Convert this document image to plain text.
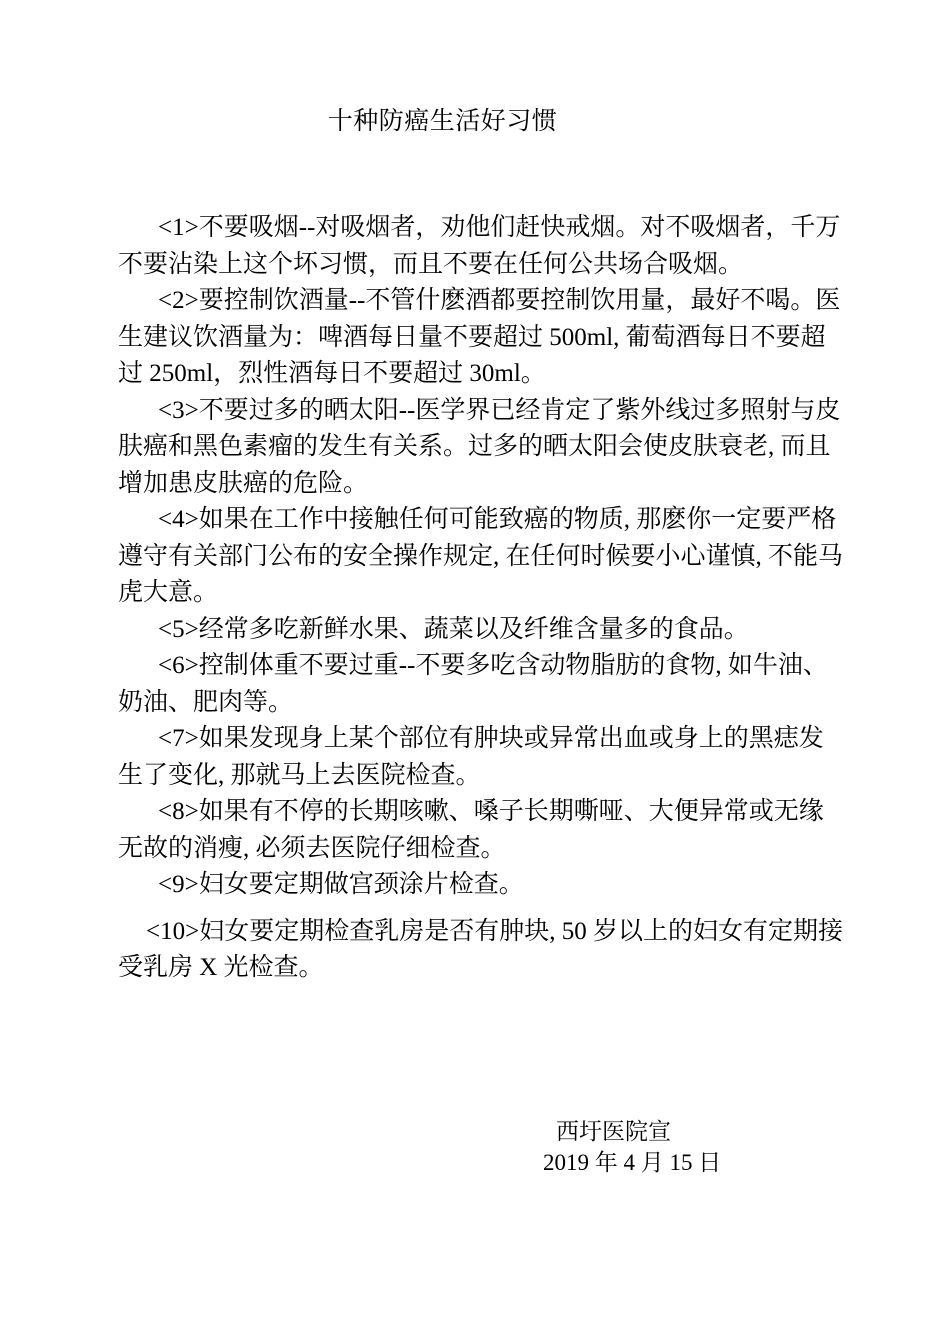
十种防癌生活好习惯

<1>不要吸烟--对吸烟者，劝他们赶快戒烟。对不吸烟者，千万不要沾染上这个坏习惯，而且不要在任何公共场合吸烟。

<2>要控制饮酒量--不管什麽酒都要控制饮用量，最好不喝。医生建议饮酒量为：啤酒每日量不要超过 500ml, 葡萄酒每日不要超过 250ml，烈性酒每日不要超过 30ml。

<3>不要过多的晒太阳--医学界已经肯定了紫外线过多照射与皮肤癌和黑色素瘤的发生有关系。过多的晒太阳会使皮肤衰老, 而且增加患皮肤癌的危险。

<4>如果在工作中接触任何可能致癌的物质, 那麽你一定要严格遵守有关部门公布的安全操作规定, 在任何时候要小心谨慎, 不能马虎大意。

<5>经常多吃新鲜水果、蔬菜以及纤维含量多的食品。

<6>控制体重不要过重--不要多吃含动物脂肪的食物, 如牛油、奶油、肥肉等。

<7>如果发现身上某个部位有肿块或异常出血或身上的黑痣发生了变化, 那就马上去医院检查。

<8>如果有不停的长期咳嗽、嗓子长期嘶哑、大便异常或无缘无故的消瘦, 必须去医院仔细检查。

<9>妇女要定期做宫颈涂片检查。

<10>妇女要定期检查乳房是否有肿块, 50 岁以上的妇女有定期接受乳房 X 光检查。

西圩医院宣
2019 年 4 月 15 日
